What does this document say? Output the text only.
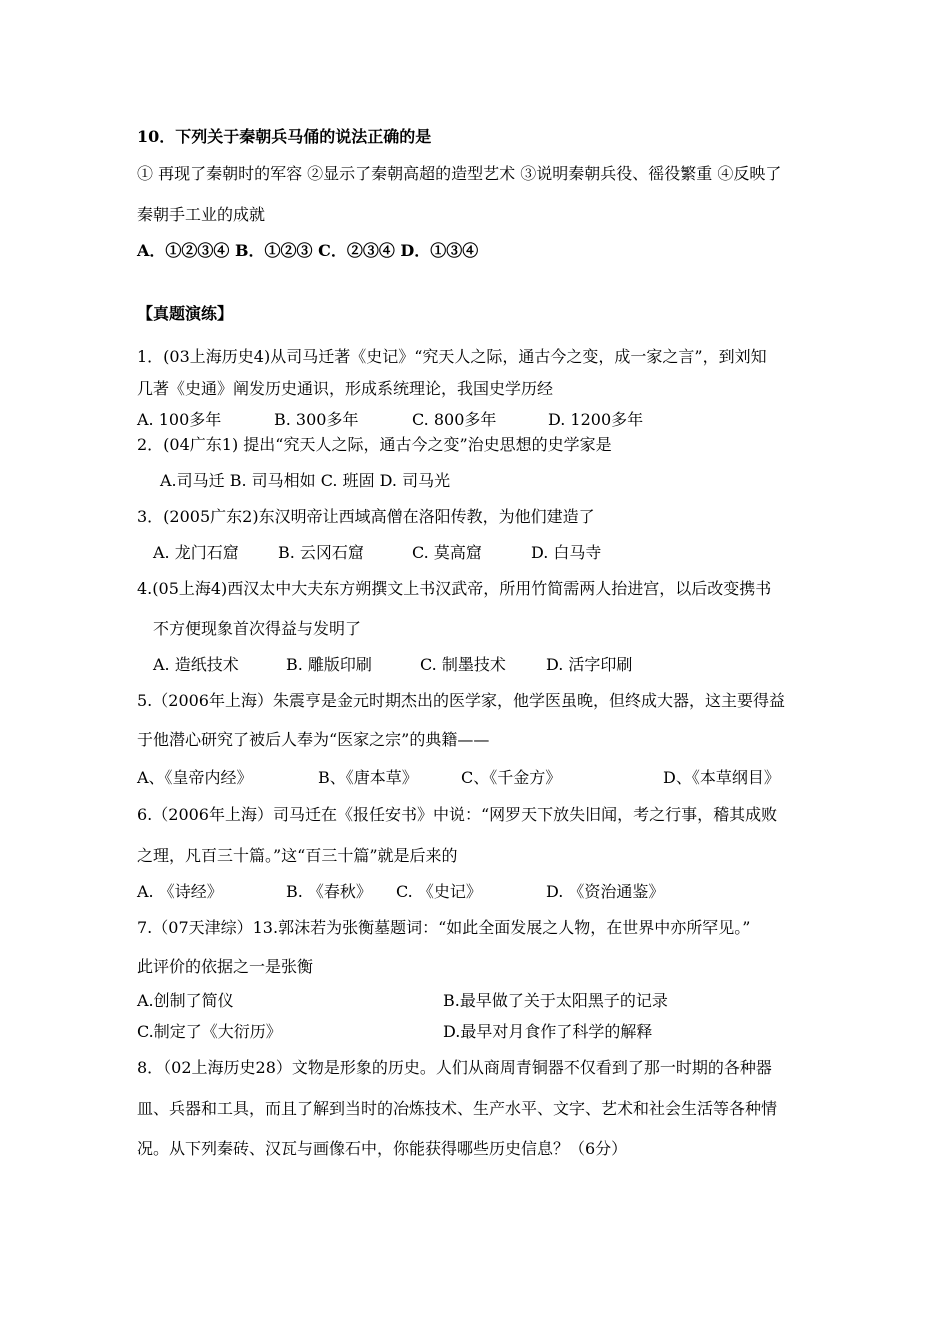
10．下列关于秦朝兵马俑的说法正确的是
① 再现了秦朝时的军容 ②显示了秦朝高超的造型艺术 ③说明秦朝兵役、徭役繁重 ④反映了
秦朝手工业的成就
A．①②③④ B．①②③ C．②③④ D．①③④
【真题演练】
1．(03上海历史4)从司马迁著《史记》“究天人之际，通古今之变，成一家之言”，到刘知
几著《史通》阐发历史通识，形成系统理论，我国史学历经
A. 100多年	B. 300多年	C. 800多年	D. 1200多年
2．(04广东1) 提出“究天人之际，通古今之变”治史思想的史学家是
A.司马迁 B. 司马相如 C. 班固 D. 司马光
3．(2005广东2)东汉明帝让西域高僧在洛阳传教，为他们建造了
A. 龙门石窟 B. 云冈石窟	C. 莫高窟	D. 白马寺
4.(05上海4)西汉太中大夫东方朔撰文上书汉武帝，所用竹简需两人抬进宫，以后改变携书
不方便现象首次得益与发明了
A. 造纸技术	B. 雕版印刷	C. 制墨技术	D. 活字印刷
5.（2006年上海）朱震亨是金元时期杰出的医学家，他学医虽晚，但终成大器，这主要得益
于他潜心研究了被后人奉为“医家之宗”的典籍——
A、《皇帝内经》	B、《唐本草》	C、《千金方》	D、《本草纲目》
6.（2006年上海）司马迁在《报任安书》中说：“网罗天下放失旧闻，考之行事，稽其成败
之理，凡百三十篇。”这“百三十篇”就是后来的
A. 《诗经》	B. 《春秋》 C. 《史记》	D. 《资治通鉴》
7.（07天津综）13.郭沫若为张衡墓题词：“如此全面发展之人物，在世界中亦所罕见。”
此评价的依据之一是张衡
A.创制了简仪	B.最早做了关于太阳黑子的记录
C.制定了《大衍历》	D.最早对月食作了科学的解释
8．（02上海历史28）文物是形象的历史。人们从商周青铜器不仅看到了那一时期的各种器
皿、兵器和工具，而且了解到当时的冶炼技术、生产水平、文字、艺术和社会生活等各种情
况。从下列秦砖、汉瓦与画像石中，你能获得哪些历史信息？（6分）
